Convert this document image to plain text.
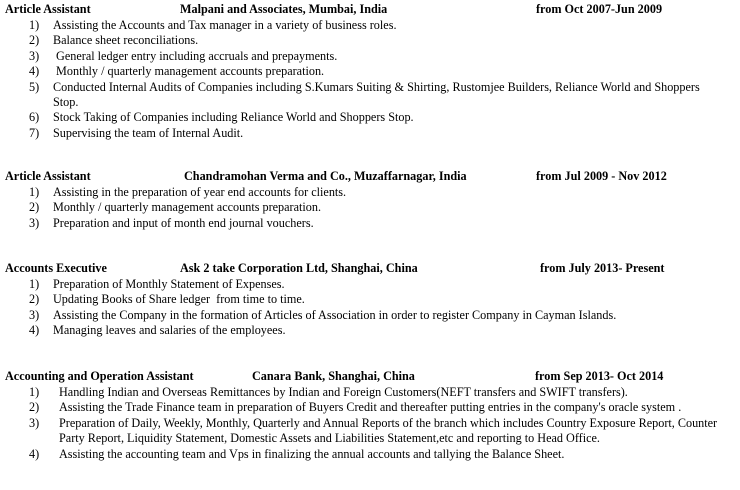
Article Assistant	Malpani and Associates, Mumbai, India	from Oct 2007-Jun 2009
1) Assisting the Accounts and Tax manager in a variety of business roles.
2) Balance sheet reconciliations.
3) General ledger entry including accruals and prepayments.
4) Monthly / quarterly management accounts preparation.
5) Conducted Internal Audits of Companies including S.Kumars Suiting & Shirting, Rustomjee Builders, Reliance World and Shoppers Stop.
6) Stock Taking of Companies including Reliance World and Shoppers Stop.
7) Supervising the team of Internal Audit.
Article Assistant	Chandramohan Verma and Co., Muzaffarnagar, India	from Jul 2009 - Nov 2012
1) Assisting in the preparation of year end accounts for clients.
2) Monthly / quarterly management accounts preparation.
3) Preparation and input of month end journal vouchers.
Accounts Executive	Ask 2 take Corporation Ltd, Shanghai, China	from July 2013- Present
1) Preparation of Monthly Statement of Expenses.
2) Updating Books of Share ledger  from time to time.
3) Assisting the Company in the formation of Articles of Association in order to register Company in Cayman Islands.
4) Managing leaves and salaries of the employees.
Accounting and Operation Assistant	Canara Bank, Shanghai, China	from Sep 2013- Oct 2014
1) Handling Indian and Overseas Remittances by Indian and Foreign Customers(NEFT transfers and SWIFT transfers).
2) Assisting the Trade Finance team in preparation of Buyers Credit and thereafter putting entries in the company's oracle system .
3) Preparation of Daily, Weekly, Monthly, Quarterly and Annual Reports of the branch which includes Country Exposure Report, Counter Party Report, Liquidity Statement, Domestic Assets and Liabilities Statement,etc and reporting to Head Office.
4) Assisting the accounting team and Vps in finalizing the annual accounts and tallying the Balance Sheet.
